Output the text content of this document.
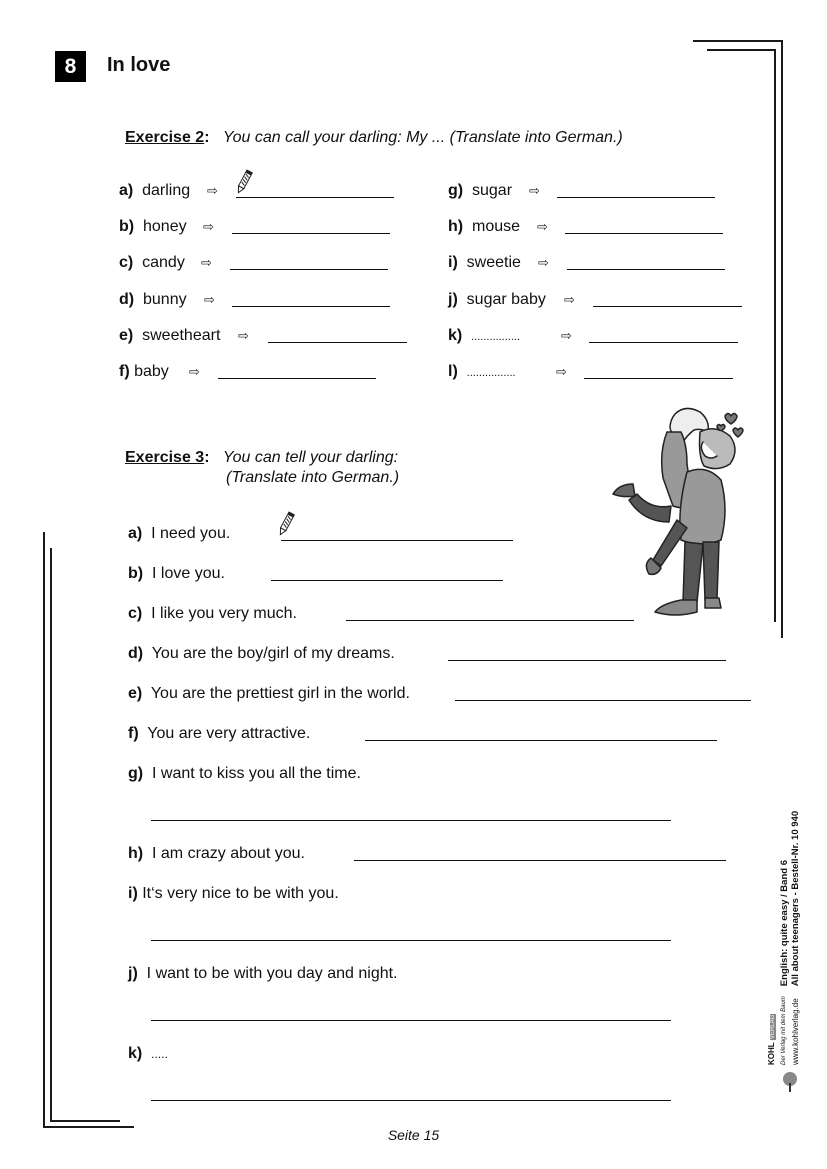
8	In love
Exercise 2: You can call your darling: My ... (Translate into German.)
a) darling ⇨
b) honey ⇨
c) candy ⇨
d) bunny ⇨
e) sweetheart ⇨
f) baby ⇨
g) sugar ⇨
h) mouse ⇨
i) sweetie ⇨
j) sugar baby ⇨
k) ................	⇨
l) ................	⇨
Exercise 3: You can tell your darling:
(Translate into German.)
a) I need you.
b) I love you.
c) I like you very much.
d) You are the boy/girl of my dreams.
e) You are the prettiest girl in the world.
f) You are very attractive.
g) I want to kiss you all the time.
h) I am crazy about you.
i) It‘s very nice to be with you.
j) I want to be with you day and night.
k) .....	KOHL VERLAG Der Verlag mit dem Baum www.kohlverlag.de
English: quite easy / Band 6 All about teenagers - Bestell-Nr. 10 940
Seite 15
